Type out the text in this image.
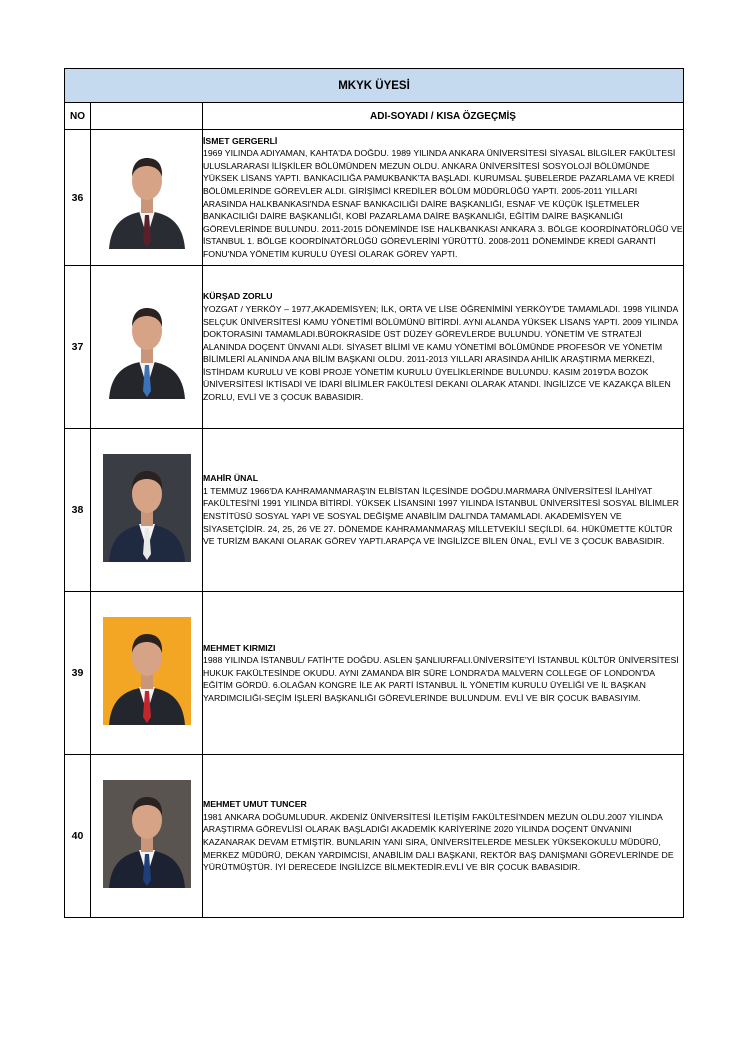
MKYK ÜYESİ		
NO		ADI-SOYADI / KISA ÖZGEÇMİŞ
36		İSMET GERGERLİ
1969 YILINDA ADIYAMAN, KAHTA'DA DOĞDU. 1989 YILINDA ANKARA ÜNİVERSİTESİ SİYASAL BİLGİLER FAKÜLTESİ ULUSLARARASI İLİŞKİLER BÖLÜMÜNDEN MEZUN OLDU. ANKARA ÜNİVERSİTESİ SOSYOLOJİ BÖLÜMÜNDE YÜKSEK LİSANS YAPTI. BANKACILIĞA PAMUKBANK'TA BAŞLADI. KURUMSAL ŞUBELERDE PAZARLAMA VE KREDİ BÖLÜMLERİNDE GÖREVLER ALDI. GİRİŞİMCİ KREDİLER BÖLÜM MÜDÜRLÜĞÜ YAPTI. 2005-2011 YILLARI ARASINDA HALKBANKASI'NDA ESNAF BANKACILIĞI DAİRE BAŞKANLIĞI, ESNAF VE KÜÇÜK İŞLETMELER BANKACILIĞI DAİRE BAŞKANLIĞI, KOBİ PAZARLAMA DAİRE BAŞKANLIĞI, EĞİTİM DAİRE BAŞKANLIĞI GÖREVLERİNDE BULUNDU. 2011-2015 DÖNEMİNDE İSE HALKBANKASI ANKARA 3. BÖLGE KOORDİNATÖRLÜĞÜ VE İSTANBUL 1. BÖLGE KOORDİNATÖRLÜĞÜ GÖREVLERİNİ YÜRÜTTÜ. 2008-2011 DÖNEMİNDE KREDİ GARANTİ FONU'NDA YÖNETİM KURULU ÜYESİ OLARAK GÖREV YAPTI.

37		KÜRŞAD ZORLU
YOZGAT / YERKÖY – 1977,AKADEMİSYEN; İLK, ORTA VE LİSE ÖĞRENİMİNİ YERKÖY'DE TAMAMLADI. 1998 YILINDA SELÇUK ÜNİVERSİTESİ KAMU YÖNETİMİ BÖLÜMÜNÜ BİTİRDİ. AYNI ALANDA YÜKSEK LİSANS YAPTI. 2009 YILINDA DOKTORASINI TAMAMLADI.BÜROKRASİDE ÜST DÜZEY GÖREVLERDE BULUNDU. YÖNETİM VE STRATEJİ ALANINDA DOÇENT ÜNVANI ALDI. SİYASET BİLİMİ VE KAMU YÖNETİMİ BÖLÜMÜNDE PROFESÖR VE YÖNETİM BİLİMLERİ ALANINDA ANA BİLİM BAŞKANI OLDU. 2011-2013 YILLARI ARASINDA AHİLİK ARAŞTIRMA MERKEZİ, İSTİHDAM KURULU VE KOBİ PROJE YÖNETİM KURULU ÜYELİKLERİNDE BULUNDU. KASIM 2019'DA BOZOK ÜNİVERSİTESİ İKTİSADİ VE İDARİ BİLİMLER FAKÜLTESİ DEKANI OLARAK ATANDI. İNGİLİZCE VE KAZAKÇA BİLEN ZORLU, EVLİ VE 3 ÇOCUK BABASIDIR.

38		MAHİR ÜNAL
1 TEMMUZ 1966'DA KAHRAMANMARAŞ'IN ELBİSTAN İLÇESİNDE DOĞDU.MARMARA ÜNİVERSİTESİ İLAHİYAT FAKÜLTESİ'Nİ 1991 YILINDA BİTİRDİ. YÜKSEK LİSANSINI 1997 YILINDA İSTANBUL ÜNİVERSİTESİ SOSYAL BİLİMLER ENSTİTÜSÜ SOSYAL YAPI VE SOSYAL DEĞİŞME ANABİLİM DALI'NDA TAMAMLADI. AKADEMİSYEN VE SİYASETÇİDİR. 24, 25, 26 VE 27. DÖNEMDE KAHRAMANMARAŞ MİLLETVEKİLİ SEÇİLDİ. 64. HÜKÜMETTE KÜLTÜR VE TURİZM BAKANI OLARAK GÖREV YAPTI.ARAPÇA VE İNGİLİZCE BİLEN ÜNAL, EVLİ VE 3 ÇOCUK BABASIDIR.

39		MEHMET KIRMIZI
1988 YILINDA İSTANBUL/ FATİH'TE DOĞDU. ASLEN ŞANLIURFALI.ÜNİVERSİTE'Yİ İSTANBUL KÜLTÜR ÜNİVERSİTESİ HUKUK FAKÜLTESİNDE OKUDU. AYNI ZAMANDA BİR SÜRE LONDRA'DA MALVERN COLLEGE OF LONDON'DA EĞİTİM GÖRDÜ. 6.OLAĞAN KONGRE İLE AK PARTİ İSTANBUL İL YÖNETİM KURULU ÜYELİĞİ VE İL BAŞKAN YARDIMCILIĞI-SEÇİM İŞLERİ BAŞKANLIĞI GÖREVLERİNDE BULUNDUM. EVLİ VE BİR ÇOCUK BABASIYIM.

40		MEHMET UMUT TUNCER
1981 ANKARA DOĞUMLUDUR. AKDENİZ ÜNİVERSİTESİ İLETİŞİM FAKÜLTESİ'NDEN MEZUN OLDU.2007 YILINDA ARAŞTIRMA GÖREVLİSİ OLARAK BAŞLADIĞI AKADEMİK KARİYERİNE 2020 YILINDA DOÇENT ÜNVANINI KAZANARAK DEVAM ETMİŞTİR. BUNLARIN YANI SIRA, ÜNİVERSİTELERDE MESLEK YÜKSEKOKULU MÜDÜRÜ, MERKEZ MÜDÜRÜ, DEKAN YARDIMCISI, ANABİLİM DALI BAŞKANI, REKTÖR BAŞ DANIŞMANI GÖREVLERİNDE DE YÜRÜTMÜŞTÜR. İYİ DERECEDE İNGİLİZCE BİLMEKTEDİR.EVLİ VE BİR ÇOCUK BABASIDIR.
